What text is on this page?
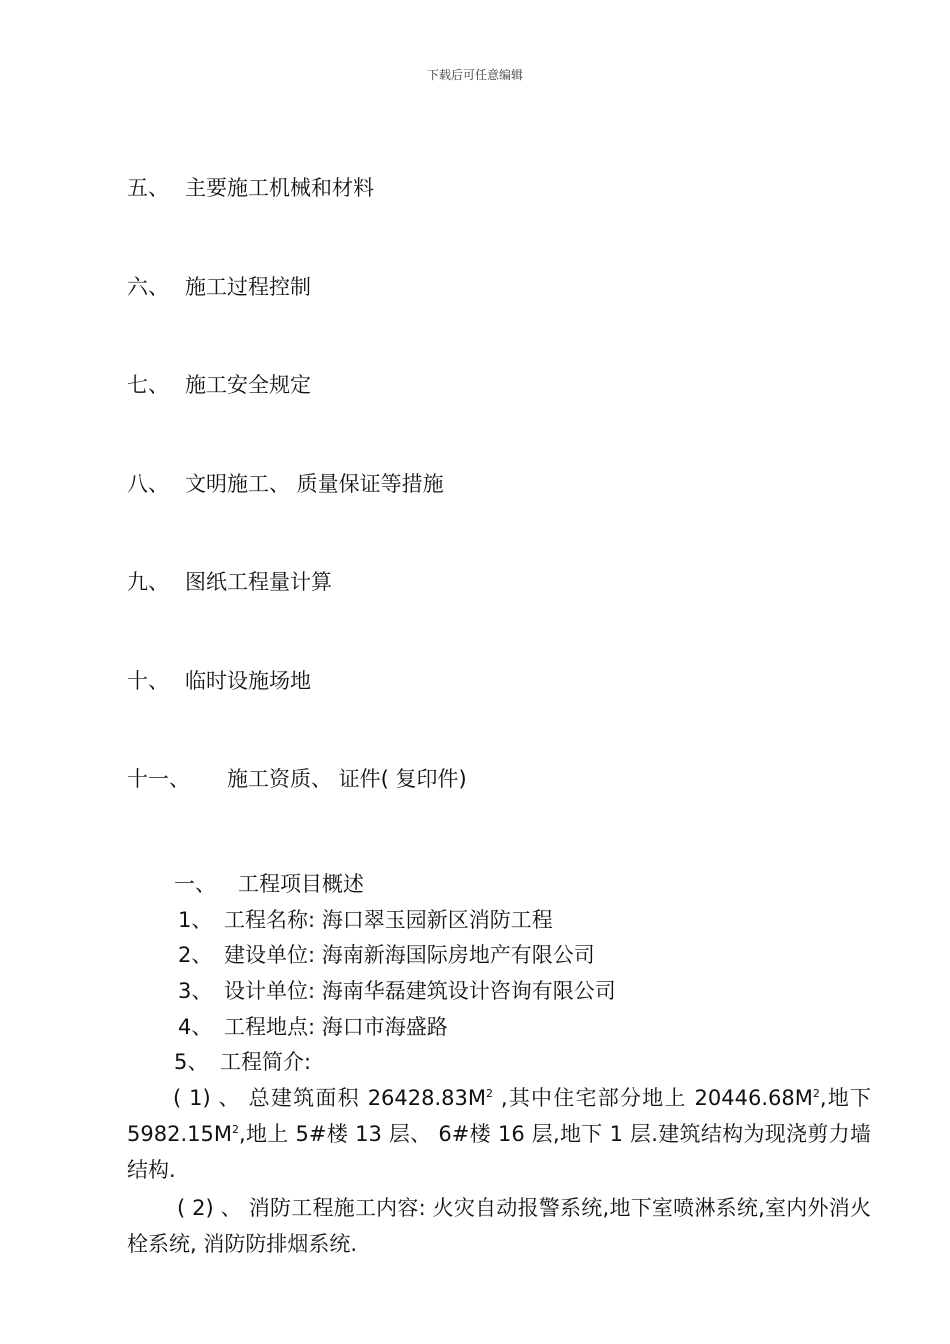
下载后可任意编辑
五、 主要施工机械和材料
六、 施工过程控制
七、 施工安全规定
八、 文明施工、 质量保证等措施
九、 图纸工程量计算
十、 临时设施场地
十一、 施工资质、 证件( 复印件)
一、 工程项目概述
1、 工程名称: 海口翠玉园新区消防工程
2、 建设单位: 海南新海国际房地产有限公司
3、 设计单位: 海南华磊建筑设计咨询有限公司
4、 工程地点: 海口市海盛路
5、 工程简介:
( 1) 、 总建筑面积 $26428.83M^2$ ,其中住宅部分地上 $20446.68M^2$,地下 $5982.15M^2$,地上 5#楼 13 层、 6#楼 16 层,地下 1 层.建筑结构为现浇剪力墙结构.
( 2) 、 消防工程施工内容: 火灾自动报警系统,地下室喷淋系统,室内外消火栓系统, 消防防排烟系统.
